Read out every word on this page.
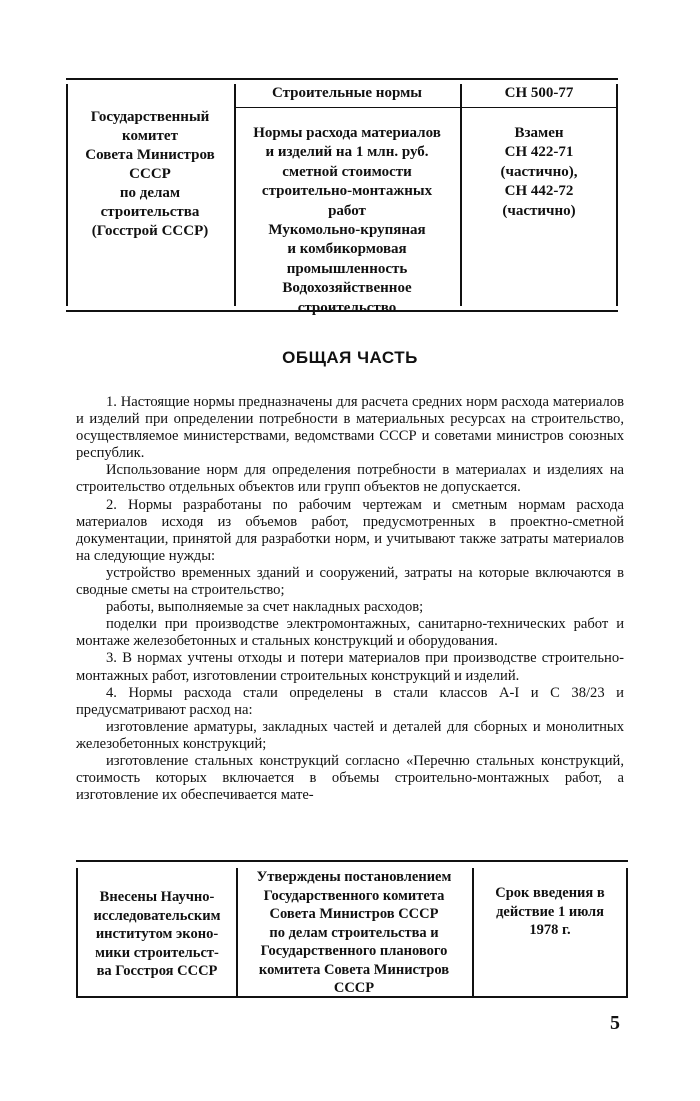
Государственный
комитет
Совета Министров
СССР
по делам
строительства
(Госстрой СССР)
Строительные нормы	СН 500-77
Нормы расхода материалов
и изделий на 1 млн. руб.
сметной стоимости
строительно-монтажных
работ
Мукомольно-крупяная
и комбикормовая
промышленность
Водохозяйственное
строительство
Взамен
СН 422-71
(частично),
СН 442-72
(частично)
ОБЩАЯ ЧАСТЬ

1. Настоящие нормы предназначены для расчета средних норм расхода материалов и изделий при определении потребности в материальных ресурсах на строительство, осуществляемое министерствами, ведомствами СССР и советами министров союзных республик.

Использование норм для определения потребности в материалах и изделиях на строительство отдельных объектов или групп объектов не допускается.

2. Нормы разработаны по рабочим чертежам и сметным нормам расхода материалов исходя из объемов работ, предусмотренных в проектно-сметной документации, принятой для разработки норм, и учитывают также затраты материалов на следующие нужды:

устройство временных зданий и сооружений, затраты на которые включаются в сводные сметы на строительство;

работы, выполняемые за счет накладных расходов;

поделки при производстве электромонтажных, санитарно-технических работ и монтаже железобетонных и стальных конструкций и оборудования.

3. В нормах учтены отходы и потери материалов при производстве строительно-монтажных работ, изготовлении строительных конструкций и изделий.

4. Нормы расхода стали определены в стали классов А-I и С 38/23 и предусматривают расход на:

изготовление арматуры, закладных частей и деталей для сборных и монолитных железобетонных конструкций;

изготовление стальных конструкций согласно «Перечню стальных конструкций, стоимость которых включается в объемы строительно-монтажных работ, а изготовление их обеспечивается мате-

Внесены Научно-
исследовательским
институтом эконо-
мики строительст-
ва Госстроя СССР
Утверждены постановлением
Государственного комитета
Совета Министров СССР
по делам строительства и
Государственного планового
комитета Совета Министров
СССР
Срок введения в
действие 1 июля
1978 г.
5
